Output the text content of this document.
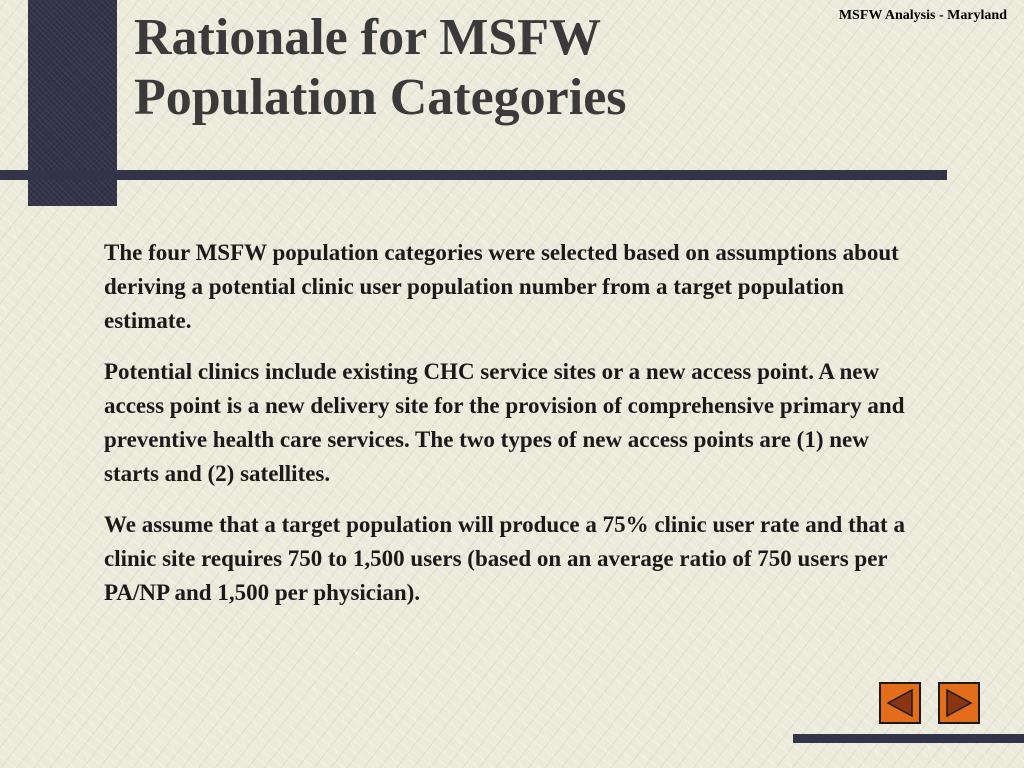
MSFW Analysis - Maryland
Rationale for MSFW
Population Categories

The four MSFW population categories were selected based on assumptions about deriving a potential clinic user population number from a target population estimate.

Potential clinics include existing CHC service sites or a new access point. A new access point is a new delivery site for the provision of comprehensive primary and preventive health care services. The two types of new access points are (1) new starts and (2) satellites.

We assume that a target population will produce a 75% clinic user rate and that a clinic site requires 750 to 1,500 users (based on an average ratio of 750 users per PA/NP and 1,500 per physician).
